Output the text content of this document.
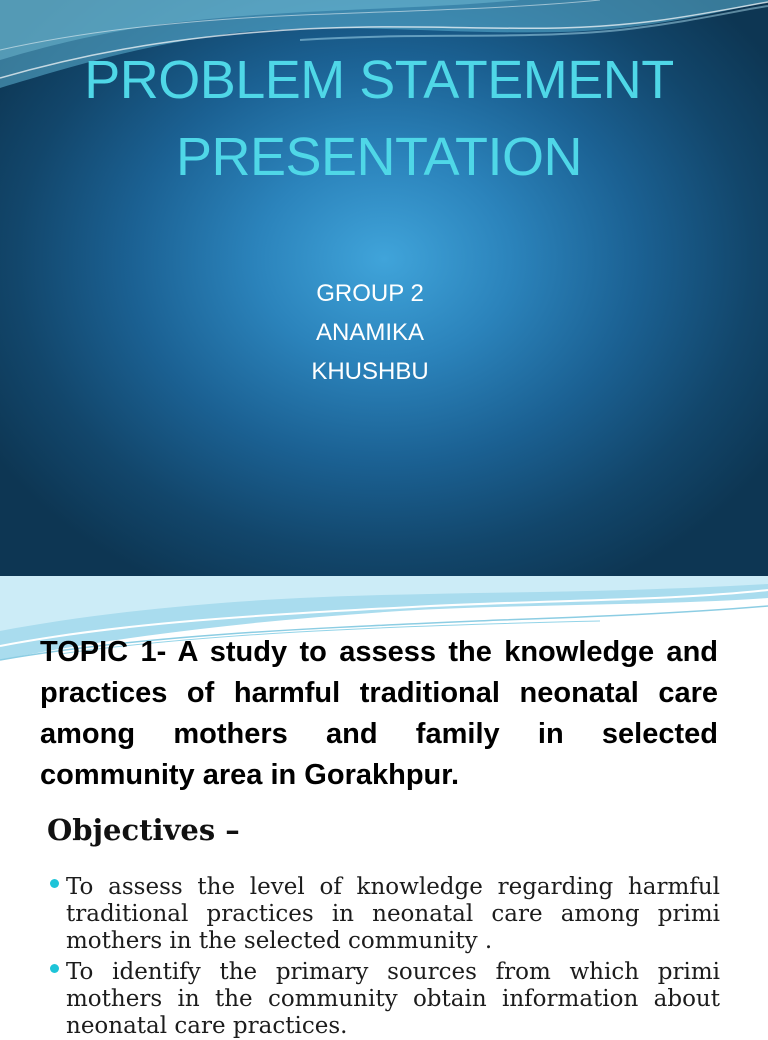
PROBLEM STATEMENT PRESENTATION
GROUP 2
ANAMIKA
KHUSHBU
TOPIC 1- A study to assess the knowledge and
practices of harmful traditional neonatal care
among mothers and family in selected
community area in Gorakhpur.
Objectives –
To assess the level of knowledge regarding harmful
traditional practices in neonatal care among primi
mothers in the selected community .
To identify the primary sources from which primi
mothers in the community obtain information about
neonatal care practices.
